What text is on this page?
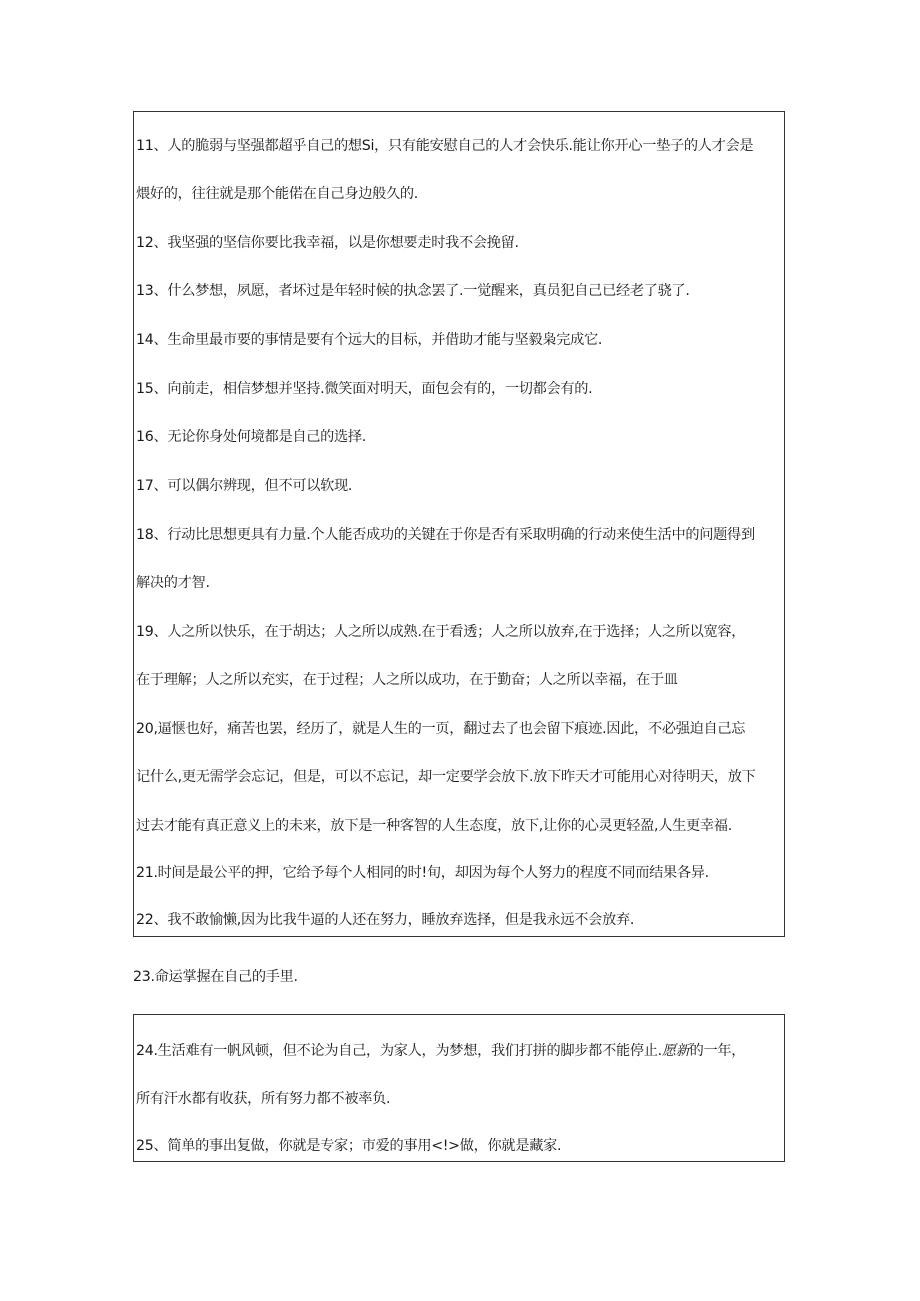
11、人的脆弱与坚强都超乎自己的想Si，只有能安慰自己的人才会快乐.能让你开心一垫子的人才会是
煨好的，往往就是那个能偌在自己身边般久的.
12、我坚强的坚信你要比我幸福，以是你想要走时我不会挽留.
13、什么梦想，夙愿，者坏过是年轻时候的执念罢了.一觉醒来，真员犯自己已经老了骁了.
14、生命里最市要的事情是要有个远大的目标，并借助才能与坚毅枭完成它.
15、向前走，相信梦想并坚持.微笑面对明天，面包会有的，一切都会有的.
16、无论你身处何境都是自己的选择.
17、可以偶尔辨现，但不可以软现.
18、行动比思想更具有力量.个人能否成功的关键在于你是否有采取明确的行动来使生活中的问题得到
解决的才智.
19、人之所以快乐，在于胡达；人之所以成熟.在于看透；人之所以放弃,在于选择；人之所以宽容，
在于理解；人之所以充实，在于过程；人之所以成功，在于勤奋；人之所以幸福，在于皿
20,逼惬也好，痛苦也罢，经历了，就是人生的一页，翻过去了也会留下痕迹.因此，不必强迫自己忘
记什么,更无需学会忘记，但是，可以不忘记，却一定要学会放下.放下昨天才可能用心对待明天，放下
过去才能有真正意义上的未来，放下是一种客智的人生态度，放下,让你的心灵更轻盈,人生更幸福.
21.时间是最公平的押，它给予每个人相同的时!旬，却因为每个人努力的程度不同而结果各异.
22、我不敢愉懒,因为比我牛逼的人还在努力，睡放弃选择，但是我永远不会放弃.
23.命运掌握在自己的手里.
24.生活难有一帆风顿，但不论为自己，为家人，为梦想，我们打拼的脚步都不能停止.愿新的一年，
所有汗水都有收获，所有努力都不被率负.
25、简单的事出复做，你就是专家；市爱的事用<!>做，你就是藏家.
